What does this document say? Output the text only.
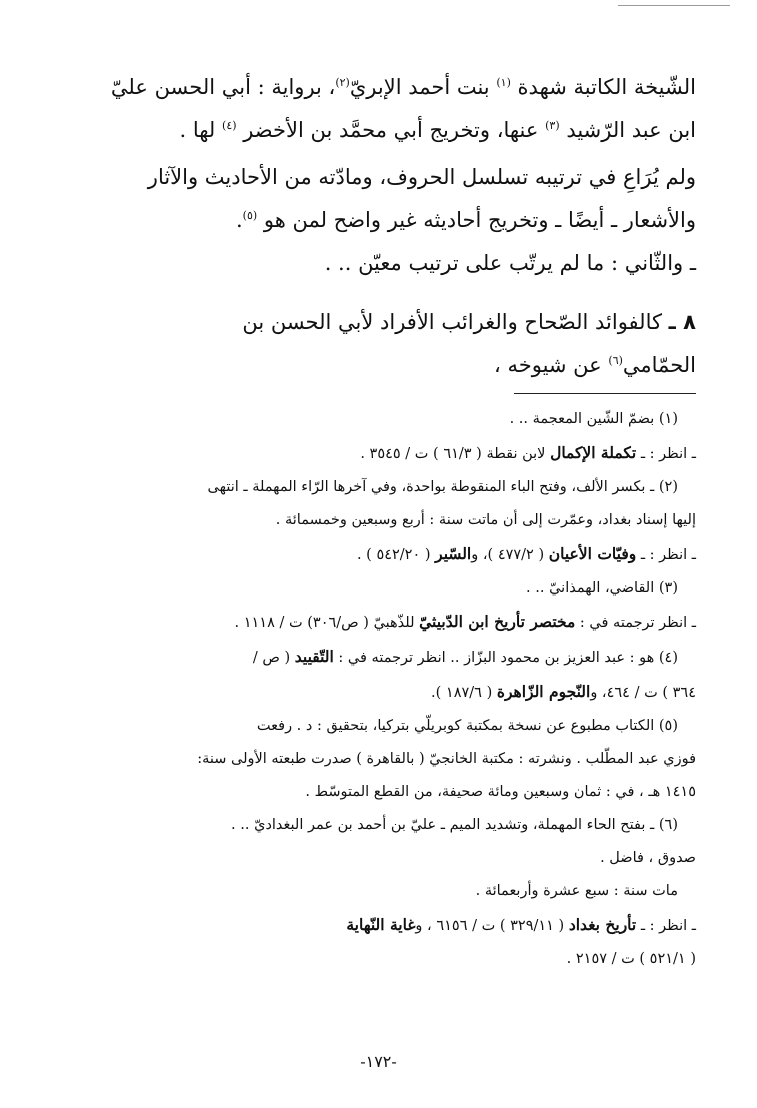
الشّيخة الكاتبة شهدة $^{(١)}$ بنت أحمد الإبريّ$^{(٢)}$، برواية : أبي الحسن عليّ

ابن عبد الرّشيد $^{(٣)}$ عنها، وتخريج أبي محمَّد بن الأخضر $^{(٤)}$ لها .

ولم يُرَاعِ في ترتيبه تسلسل الحروف، ومادّته من الأحاديث والآثار

والأشعار ـ أيضًا ـ وتخريج أحاديثه غير واضح لمن هو $^{(٥)}$.

ـ والثّاني : ما لم يرتّب على ترتيب معيّن .. .

٨ ـ كالفوائد الصّحاح والغرائب الأفراد لأبي الحسن بن

الحمّامي$^{(٦)}$ عن شيوخه ،

(١) بضمّ الشّين المعجمة .. .

ـ انظر : ـ تكملة الإكمال لابن نقطة ( ٦١/٣ ) ت / ٣٥٤٥ .

(٢) ـ بكسر الألف، وفتح الباء المنقوطة بواحدة، وفي آخرها الرّاء المهملة ـ انتهى

إليها إسناد بغداد، وعمّرت إلى أن ماتت سنة : أربع وسبعين وخمسمائة .

ـ انظر : ـ وفيّات الأعيان ( ٤٧٧/٢ )، والسّير ( ٥٤٢/٢٠ ) .

(٣) القاضي، الهمذانيّ .. .

ـ انظر ترجمته في : مختصر تأريخ ابن الدّبيثيّ للذّهبيّ ( ص/٣٠٦) ت / ١١١٨ .

(٤) هو : عبد العزيز بن محمود البزّاز .. انظر ترجمته في : التّقييد ( ص /

٣٦٤ ) ت / ٤٦٤، والنّجوم الزّاهرة ( ١٨٧/٦ ).

(٥) الكتاب مطبوع عن نسخة بمكتبة كوبريلّي بتركيا، بتحقيق : د . رفعت

فوزي عبد المطّلب . ونشرته : مكتبة الخانجيّ ( بالقاهرة ) صدرت طبعته الأولى سنة:

١٤١٥ هـ ، في : ثمان وسبعين ومائة صحيفة، من القطع المتوسّط .

(٦) ـ بفتح الحاء المهملة، وتشديد الميم ـ عليّ بن أحمد بن عمر البغداديّ .. .

صدوق ، فاضل .

مات سنة : سبع عشرة وأربعمائة .

ـ انظر : ـ تأريخ بغداد ( ٣٢٩/١١ ) ت / ٦١٥٦ ، وغاية النّهاية

( ٥٢١/١ ) ت / ٢١٥٧ .

-١٧٢-
